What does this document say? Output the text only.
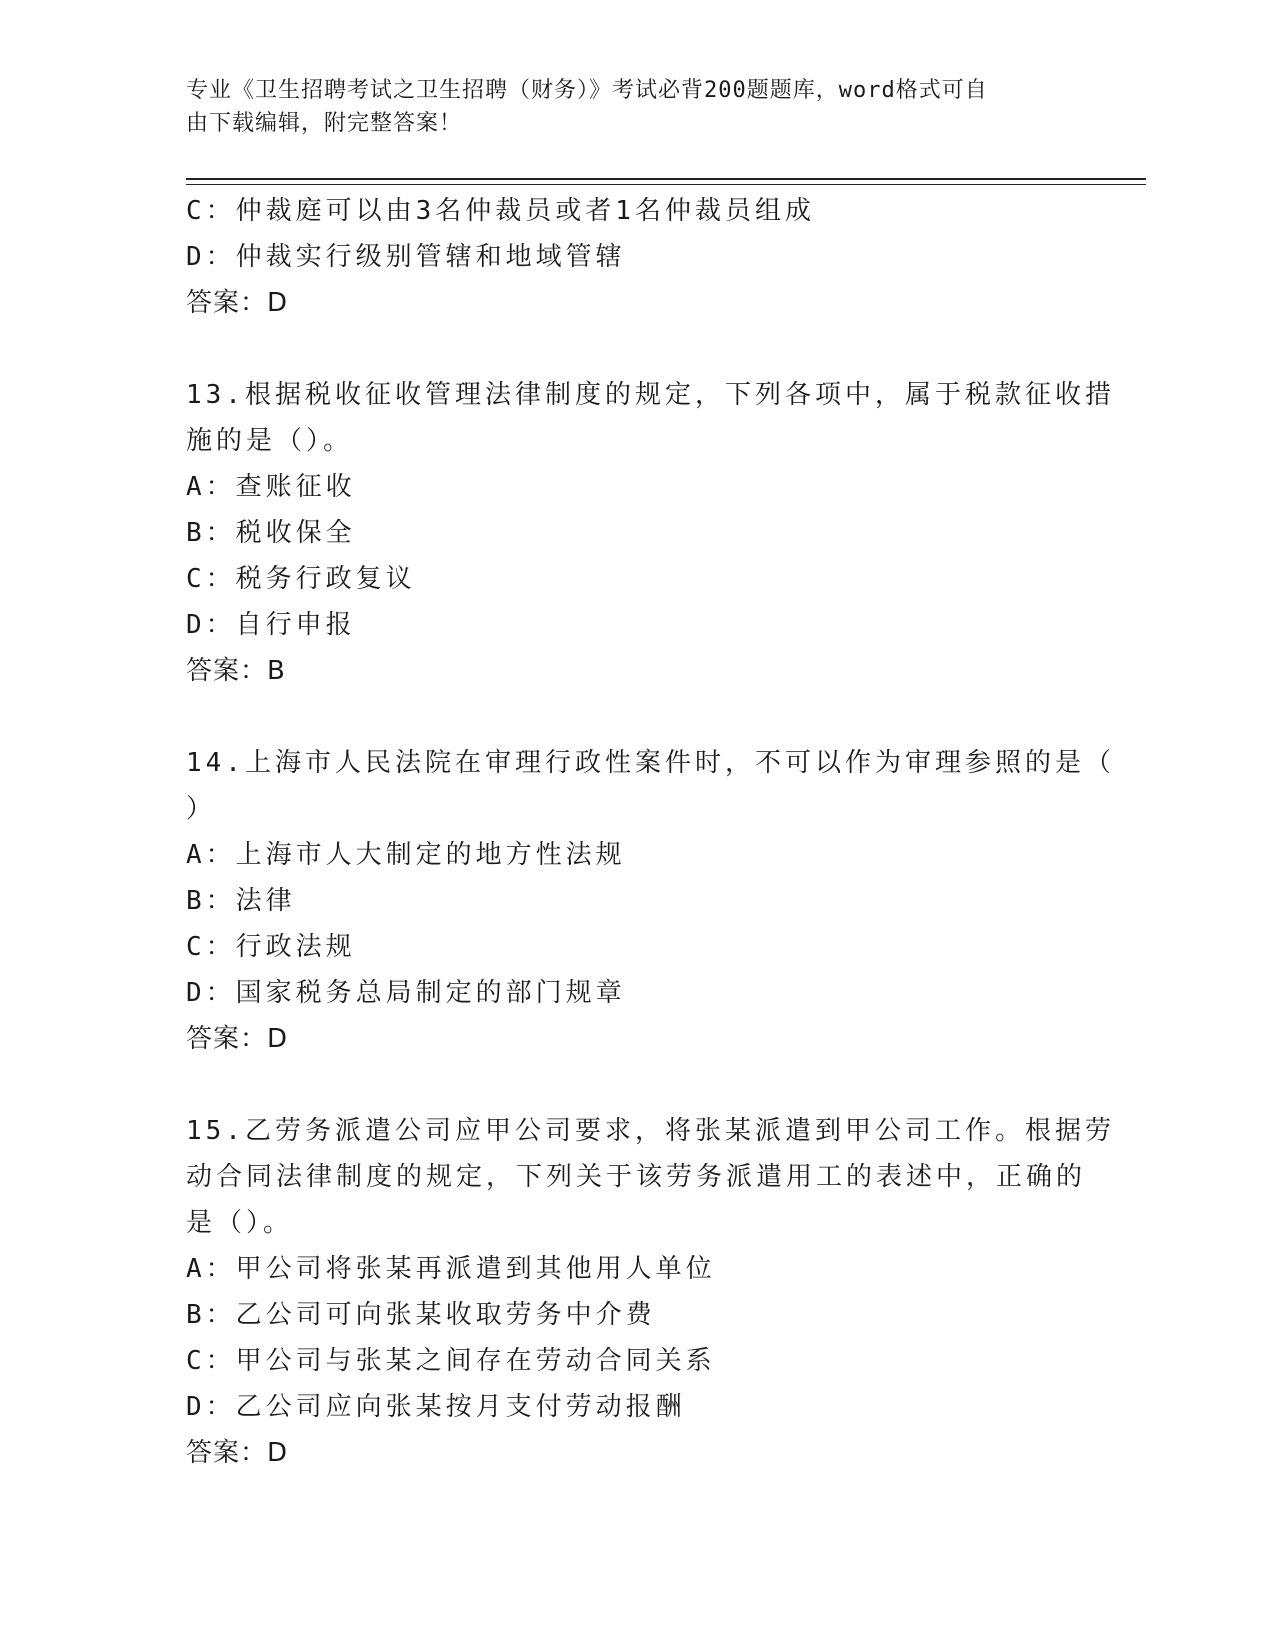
专业《卫生招聘考试之卫生招聘（财务）》考试必背200题题库，word格式可自
由下载编辑，附完整答案！
C：仲裁庭可以由3名仲裁员或者1名仲裁员组成
D：仲裁实行级别管辖和地域管辖
答案：D
13.根据税收征收管理法律制度的规定，下列各项中，属于税款征收措
施的是（）。
A：查账征收
B：税收保全
C：税务行政复议
D：自行申报
答案：B
14.上海市人民法院在审理行政性案件时，不可以作为审理参照的是（
）
A：上海市人大制定的地方性法规
B：法律
C：行政法规
D：国家税务总局制定的部门规章
答案：D
15.乙劳务派遣公司应甲公司要求，将张某派遣到甲公司工作。根据劳
动合同法律制度的规定，下列关于该劳务派遣用工的表述中，正确的
是（）。
A：甲公司将张某再派遣到其他用人单位
B：乙公司可向张某收取劳务中介费
C：甲公司与张某之间存在劳动合同关系
D：乙公司应向张某按月支付劳动报酬
答案：D
